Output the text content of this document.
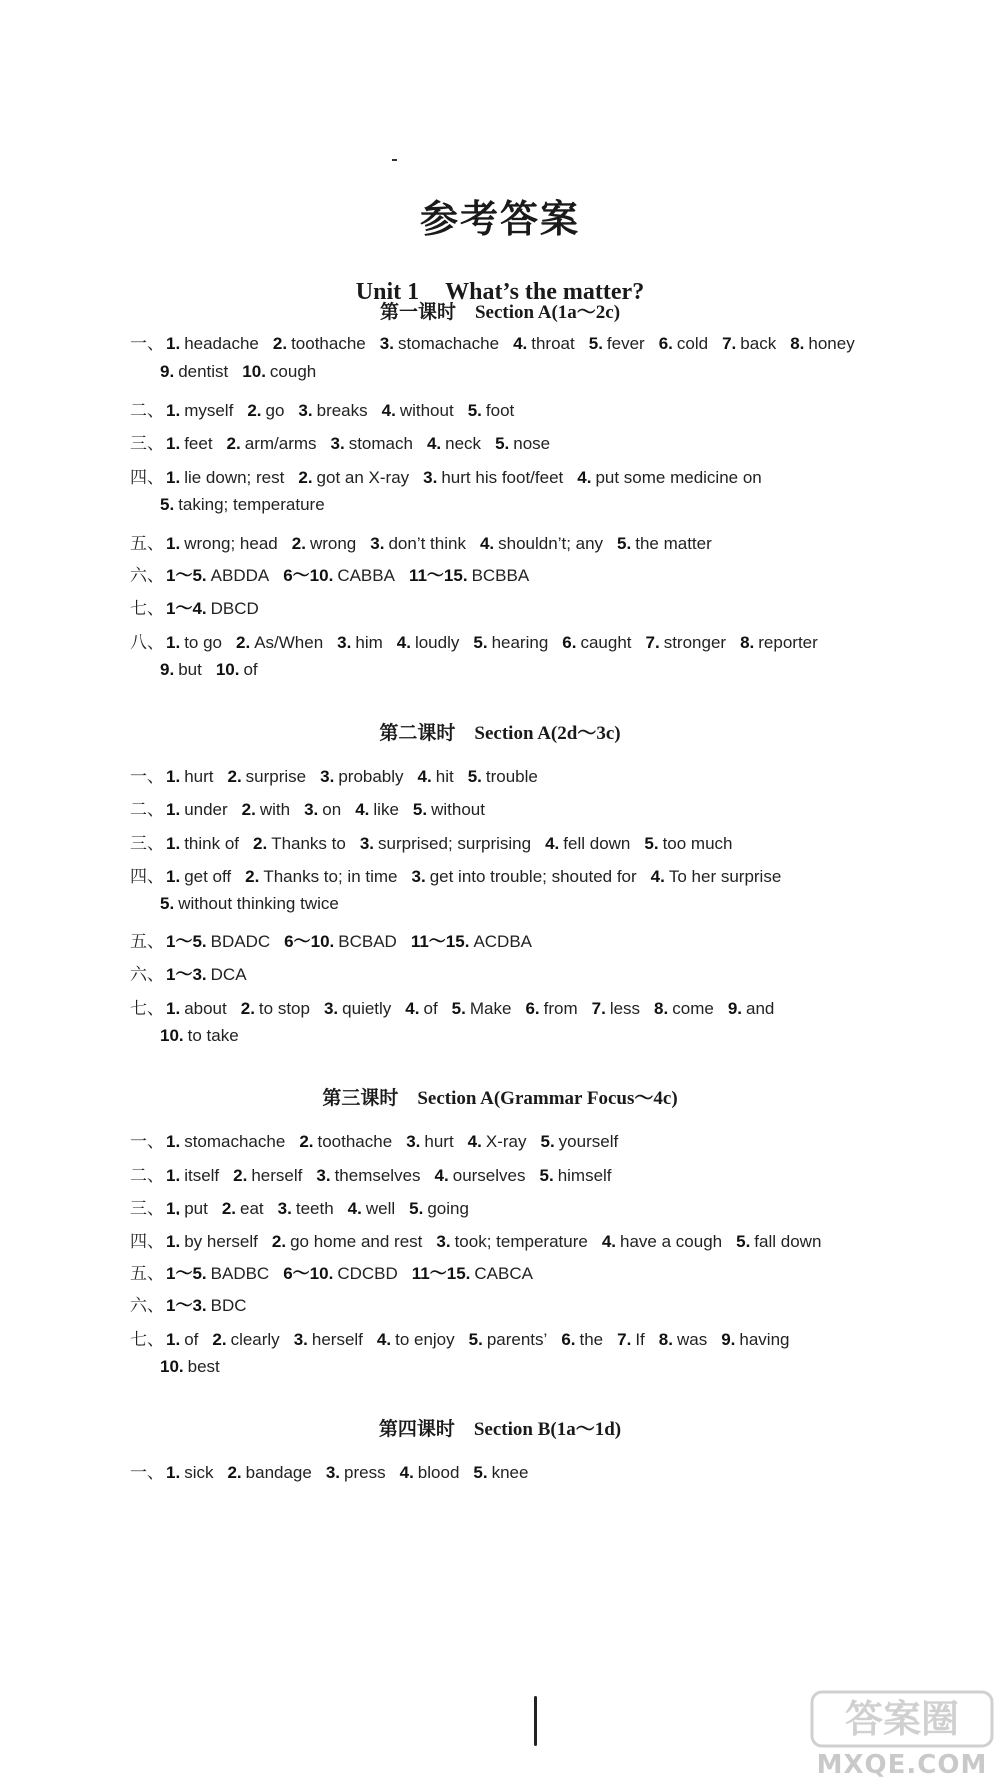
参考答案
Unit 1 What’s the matter?
第一课时　Section A(1a～2c)
一、 1. headache 2. toothache 3. stomachache 4. throat 5. fever 6. cold 7. back 8. honey
9. dentist 10. cough
二、 1. myself 2. go 3. breaks 4. without 5. foot
三、 1. feet 2. arm/arms 3. stomach 4. neck 5. nose
四、 1. lie down; rest 2. got an X-ray 3. hurt his foot/feet 4. put some medicine on
5. taking; temperature
五、 1. wrong; head 2. wrong 3. don’t think 4. shouldn’t; any 5. the matter
六、 1～5. ABDDA 6～10. CABBA 11～15. BCBBA
七、 1～4. DBCD
八、 1. to go 2. As/When 3. him 4. loudly 5. hearing 6. caught 7. stronger 8. reporter
9. but 10. of
第二课时　Section A(2d～3c)
一、 1. hurt 2. surprise 3. probably 4. hit 5. trouble
二、 1. under 2. with 3. on 4. like 5. without
三、 1. think of 2. Thanks to 3. surprised; surprising 4. fell down 5. too much
四、 1. get off 2. Thanks to; in time 3. get into trouble; shouted for 4. To her surprise
5. without thinking twice
五、 1～5. BDADC 6～10. BCBAD 11～15. ACDBA
六、 1～3. DCA
七、 1. about 2. to stop 3. quietly 4. of 5. Make 6. from 7. less 8. come 9. and
10. to take
第三课时　Section A(Grammar Focus～4c)
一、 1. stomachache 2. toothache 3. hurt 4. X-ray 5. yourself
二、 1. itself 2. herself 3. themselves 4. ourselves 5. himself
三、 1. put 2. eat 3. teeth 4. well 5. going
四、 1. by herself 2. go home and rest 3. took; temperature 4. have a cough 5. fall down
五、 1～5. BADBC 6～10. CDCBD 11～15. CABCA
六、 1～3. BDC
七、 1. of 2. clearly 3. herself 4. to enjoy 5. parents’ 6. the 7. If 8. was 9. having
10. best
第四课时　Section B(1a～1d)
一、 1. sick 2. bandage 3. press 4. blood 5. knee
答案圈
MXQE.COM
